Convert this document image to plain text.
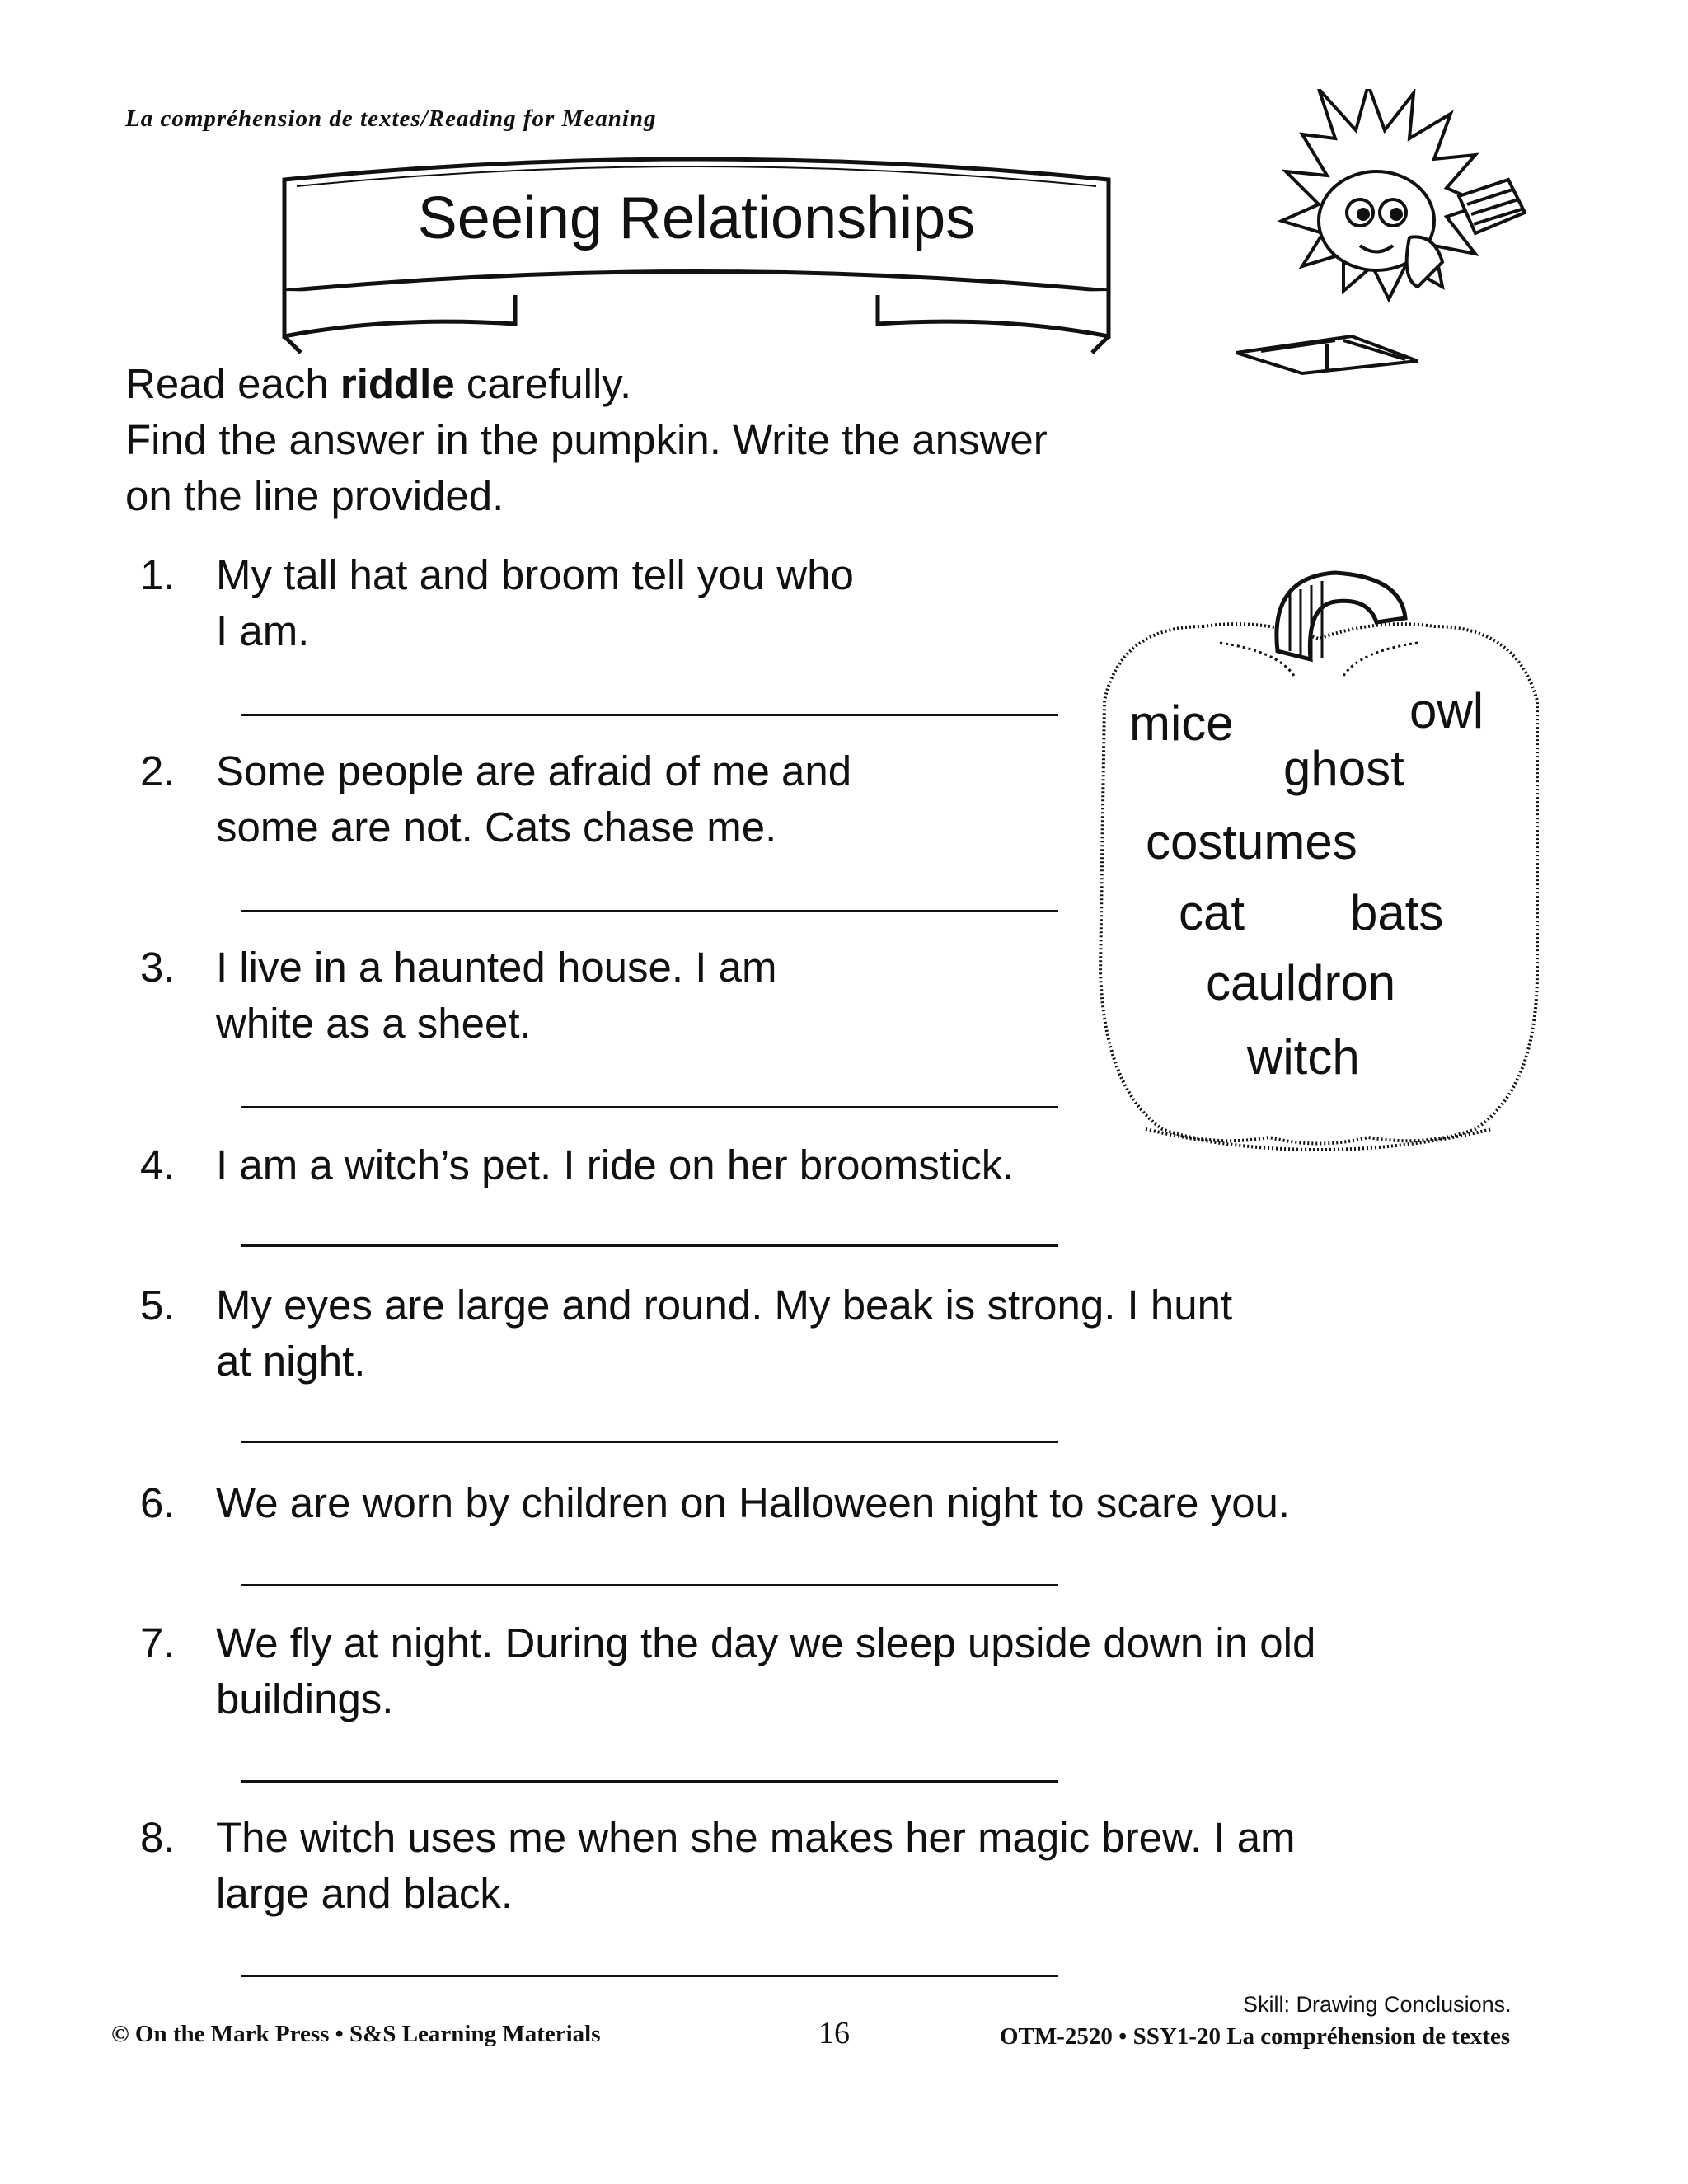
La compréhension de textes/Reading for Meaning
Seeing Relationships
Read each riddle carefully.
Find the answer in the pumpkin. Write the answer
on the line provided.
1. My tall hat and broom tell you who
I am.
2. Some people are afraid of me and
some are not. Cats chase me.
3. I live in a haunted house. I am
white as a sheet.
4. I am a witch’s pet. I ride on her broomstick.
5. My eyes are large and round. My beak is strong. I hunt
at night.
6. We are worn by children on Halloween night to scare you.
7. We fly at night. During the day we sleep upside down in old
buildings.
8. The witch uses me when she makes her magic brew. I am
large and black.
mice	owl
ghost
costumes
cat bats
cauldron
witch
© On the Mark Press • S&S Learning Materials	16
Skill: Drawing Conclusions.
OTM-2520 • SSY1-20 La compréhension de textes
